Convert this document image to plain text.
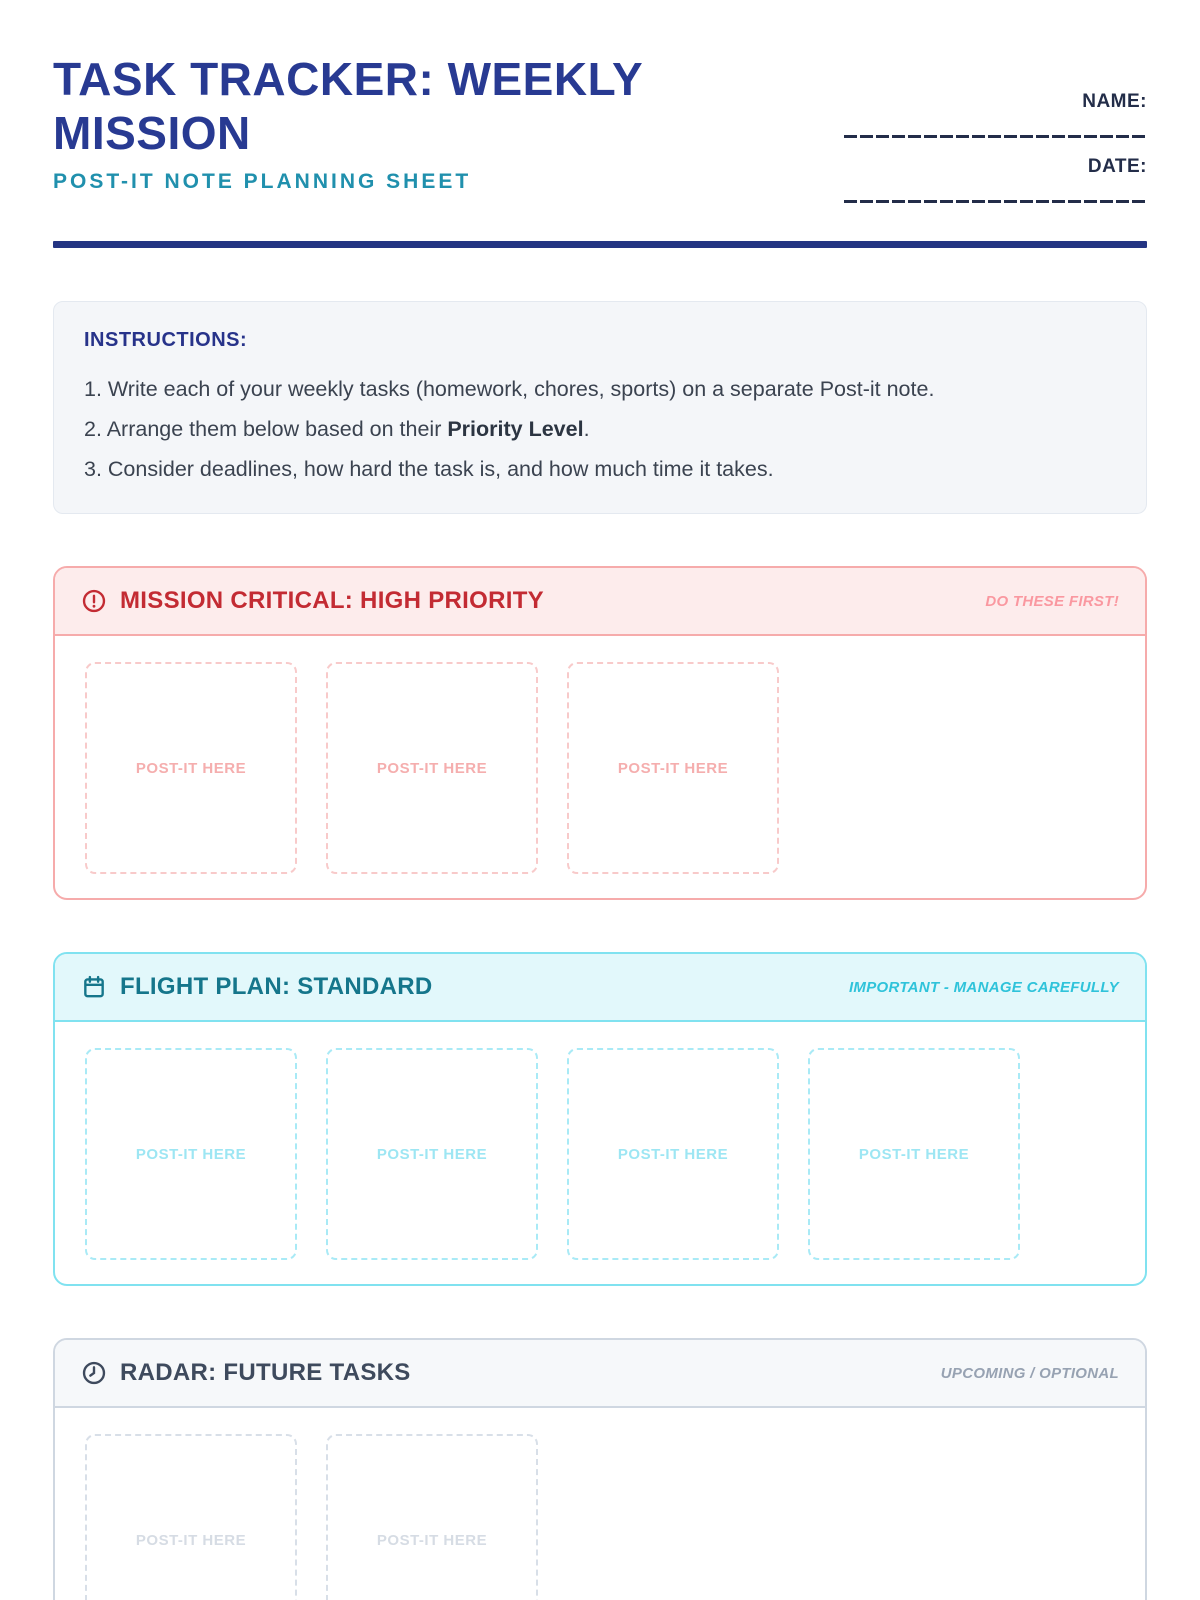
TASK TRACKER: WEEKLY
MISSION
POST-IT NOTE PLANNING SHEET
NAME:
DATE:
INSTRUCTIONS:
1. Write each of your weekly tasks (homework, chores, sports) on a separate Post-it note.
2. Arrange them below based on their Priority Level.
3. Consider deadlines, how hard the task is, and how much time it takes.
MISSION CRITICAL: HIGH PRIORITY	DO THESE FIRST!
POST-IT HERE	POST-IT HERE	POST-IT HERE
FLIGHT PLAN: STANDARD	IMPORTANT - MANAGE CAREFULLY
POST-IT HERE	POST-IT HERE	POST-IT HERE	POST-IT HERE
RADAR: FUTURE TASKS	UPCOMING / OPTIONAL
POST-IT HERE	POST-IT HERE
